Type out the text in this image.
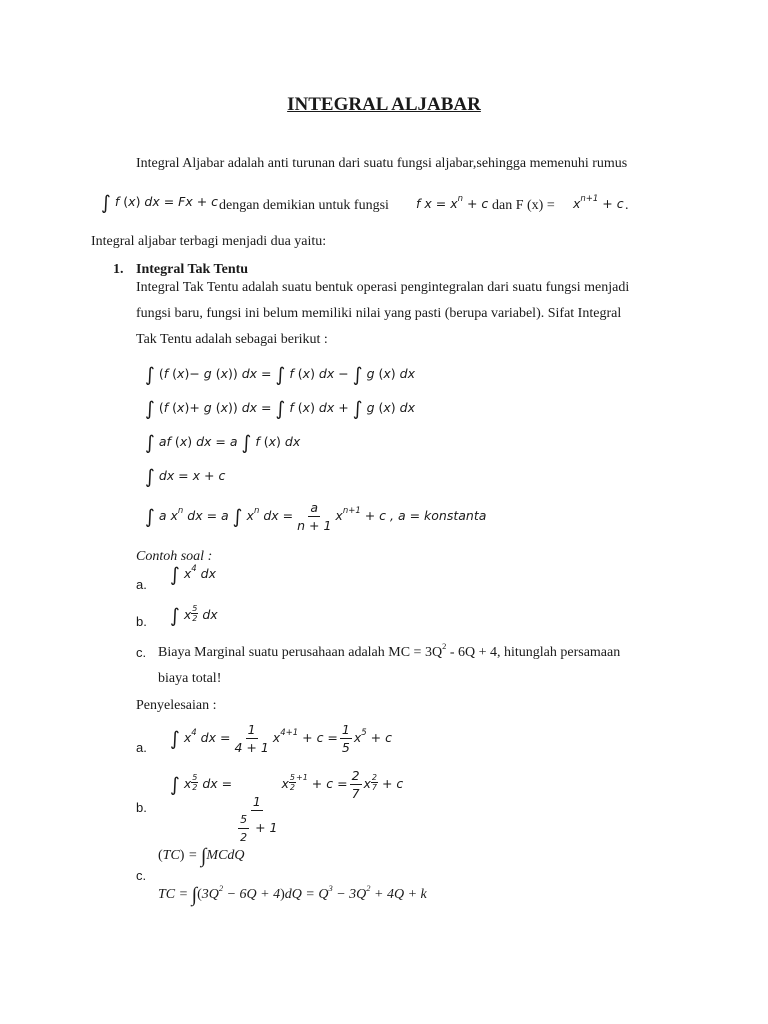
INTEGRAL ALJABAR
Integral Aljabar adalah anti turunan dari suatu fungsi aljabar,sehingga memenuhi rumus
∫ f (x) dx = Fx + c dengan demikian untuk fungsi f $x = x^n + c$ dan F $(x) = x^{n+1} + c$ .
Integral aljabar terbagi menjadi dua yaitu:
1. Integral Tak Tentu
Integral Tak Tentu adalah suatu bentuk operasi pengintegralan dari suatu fungsi menjadi
fungsi baru, fungsi ini belum memiliki nilai yang pasti (berupa variabel). Sifat Integral
Tak Tentu adalah sebagai berikut :
∫ (f (x)− g (x)) dx = ∫ f (x) dx − ∫ g (x) dx
∫ (f (x)+ g (x)) dx = ∫ f (x) dx + ∫ g (x) dx
∫ af (x) dx = a ∫ f (x) dx
∫ dx = x + c
∫ a $x^n$ dx = a ∫ $x^n$ dx = $\frac{a}{n + 1} x^{n+1} + c$ , a = konstanta
Contoh soal :
a. ∫ $x^4$ dx
b. ∫ x $\frac{5}{2}$ dx
c. Biaya Marginal suatu perusahaan adalah MC = $3Q^2 - 6Q + 4$, hitunglah persamaan
biaya total!
Penyelesaian :
a. ∫ $x^4$ dx = $\frac{1}{4 + 1} x^{4+1} + c = \frac{1}{5} x^5 + c$
b.
∫ x $\frac{5}{2}$ dx =
$\frac{1}{\frac{5}{2} + 1}$
x $\frac{5}{2} ^{+1} + c = \frac{2}{7}$ x $\frac{2}{7} + c$
(TC) = ∫MCdQ
c.
TC = $\int(3Q^2 - 6Q + 4)dQ = Q^3 - 3Q^2 + 4Q + k$
